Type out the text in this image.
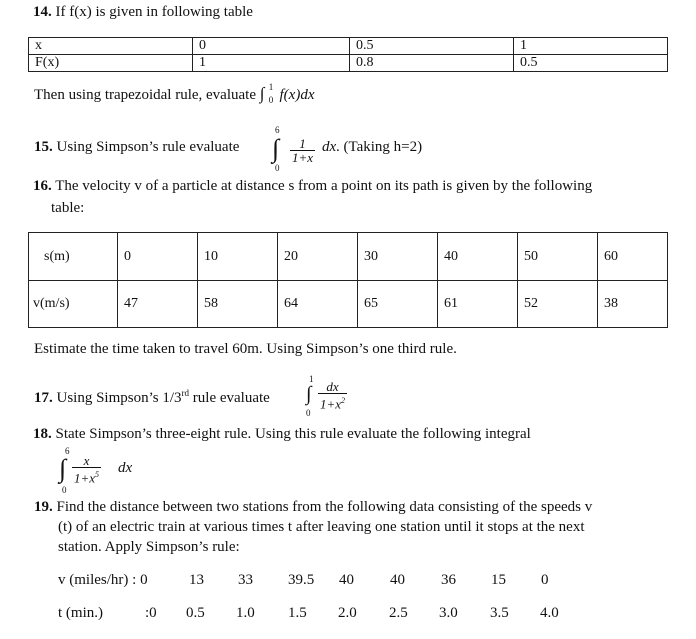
14. If f(x) is given in following table
x	0	0.5	1
F(x)	1	0.8	0.5
Then using trapezoidal rule, evaluate ∫ 1
0 f(x)dx
15. Using Simpson’s rule evaluate
6
∫
0
$\frac{1}{1+x}$ dx . (Taking h=2)
16. The velocity v of a particle at distance s from a point on its path is given by the following
table:
s(m)	0	10	20	30	40	50	60
v(m/s)	47	58	64	65	61	52	38
Estimate the time taken to travel 60m. Using Simpson’s one third rule.
17. Using Simpson’s 1/3rd rule evaluate
1
∫
0
$\frac{dx}{1+x^2}$
18. State Simpson’s three-eight rule. Using this rule evaluate the following integral
6
∫
0
$\frac{x}{1+x^5}$ dx
19. Find the distance between two stations from the following data consisting of the speeds v
(t) of an electric train at various times t after leaving one station until it stops at the next
station. Apply Simpson’s rule:
v (miles/hr) : 0	13 33 39.5 40 40 36 15 0
t (min.)	:0 0.5 1.0 1.5 2.0 2.5 3.0 3.5 4.0
